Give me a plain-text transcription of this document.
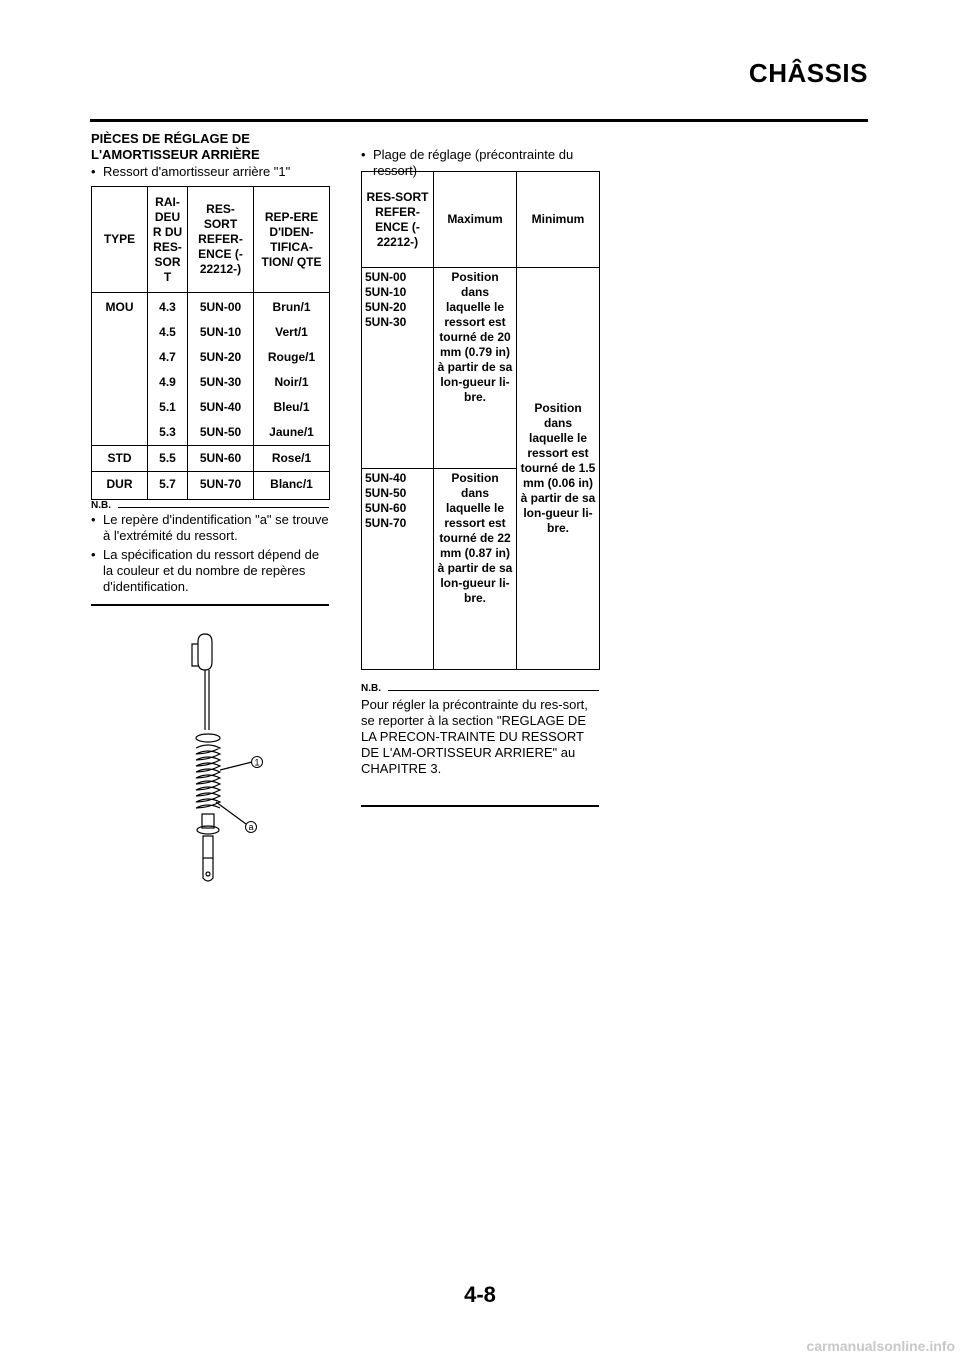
CHÂSSIS
PIÈCES DE RÉGLAGE DE
L'AMORTISSEUR ARRIÈRE
• Ressort d'amortisseur arrière "1"
TYPE	RAI-DEU R DU RES-SOR T	RES-SORT REFER-ENCE (- 22212-)	REP-ERE D'IDEN-TIFICA-TION/ QTE
MOU	4.3	5UN-00	Brun/1
	4.5	5UN-10	Vert/1
	4.7	5UN-20	Rouge/1
	4.9	5UN-30	Noir/1
	5.1	5UN-40	Bleu/1
	5.3	5UN-50	Jaune/1
STD	5.5	5UN-60	Rose/1
DUR	5.7	5UN-70	Blanc/1
N.B.
• Le repère d'indentification "a" se trouve à l'extrémité du ressort.
• La spécification du ressort dépend de la couleur et du nombre de repères d'identification.
1
a
• Plage de réglage (précontrainte du ressort)
RES-SORT REFER-ENCE (- 22212-)	Maximum	Minimum
5UN-00 5UN-10 5UN-20 5UN-30	Position dans laquelle le ressort est tourné de 20 mm (0.79 in) à partir de sa lon-gueur li-bre.	Position dans laquelle le ressort est tourné de 1.5 mm (0.06 in) à partir de sa lon-gueur li-bre.
5UN-40 5UN-50 5UN-60 5UN-70	Position dans laquelle le ressort est tourné de 22 mm (0.87 in) à partir de sa lon-gueur li-bre.	
N.B.
Pour régler la précontrainte du res-sort, se reporter à la section "REGLAGE DE LA PRECON-TRAINTE DU RESSORT DE L'AM-ORTISSEUR ARRIERE" au CHAPITRE 3.
4-8
carmanualsonline.info
